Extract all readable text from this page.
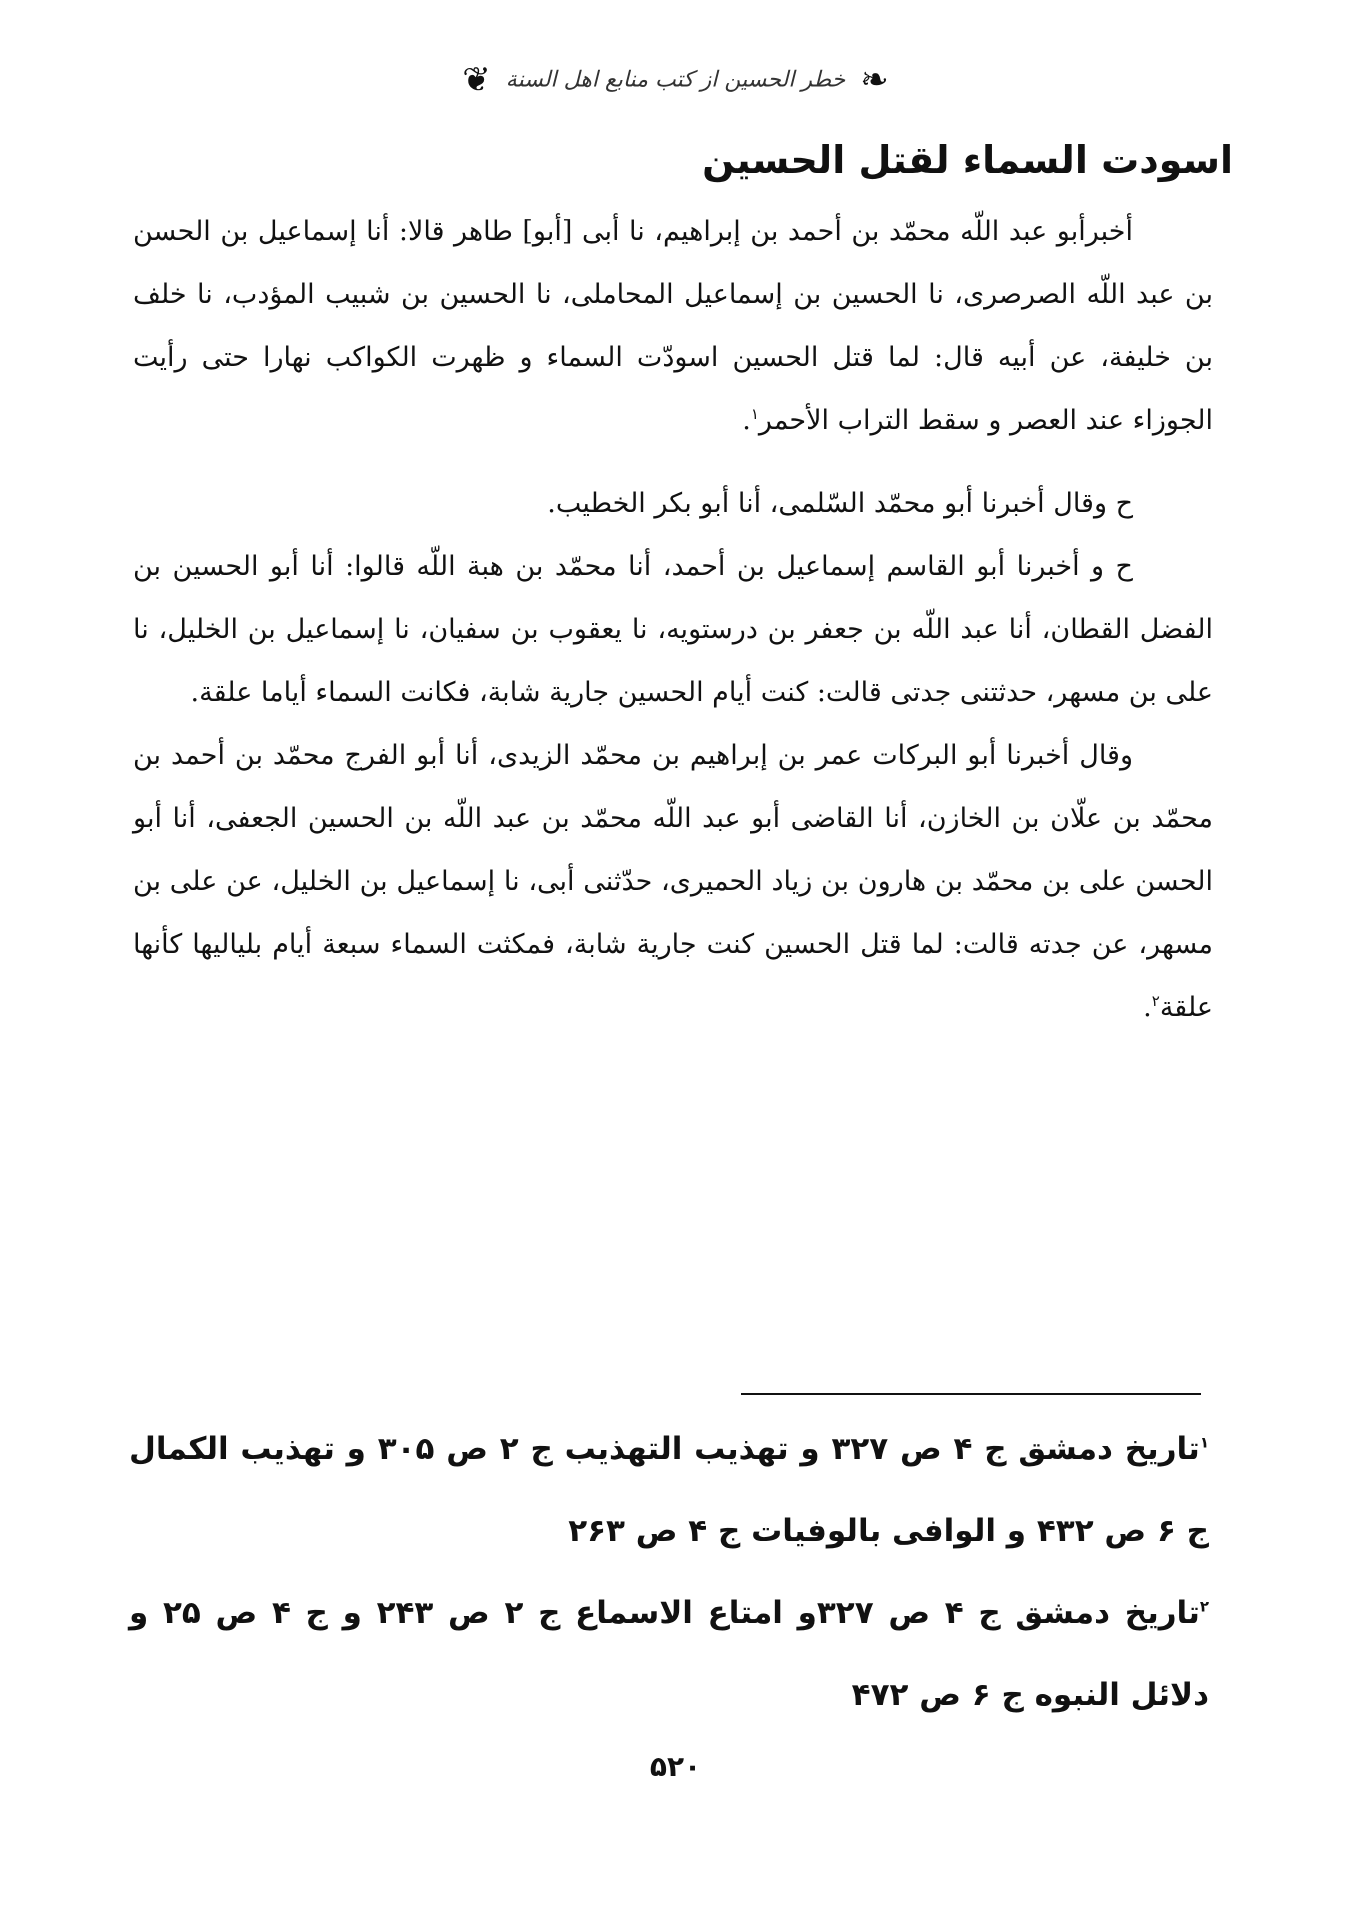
❧ خطر الحسين از كتب منابع اهل السنة ❦
اسودت السماء لقتل الحسين

أخبرأبو عبد اللّه محمّد بن أحمد بن إبراهيم، نا أبى [أبو] طاهر قالا: أنا إسماعيل بن الحسن بن عبد اللّه الصرصرى، نا الحسين بن إسماعيل المحاملى، نا الحسين بن شبيب المؤدب، نا خلف بن خليفة، عن أبيه قال: لما قتل الحسين اسودّت السماء و ظهرت الكواكب نهارا حتى رأيت الجوزاء عند العصر و سقط التراب الأحمر$^١$.

ح وقال أخبرنا أبو محمّد السّلمى، أنا أبو بكر الخطيب.

ح و أخبرنا أبو القاسم إسماعيل بن أحمد، أنا محمّد بن هبة اللّه قالوا: أنا أبو الحسين بن الفضل القطان، أنا عبد اللّه بن جعفر بن درستويه، نا يعقوب بن سفيان، نا إسماعيل بن الخليل، نا على بن مسهر، حدثتنى جدتى قالت: كنت أيام الحسين جارية شابة، فكانت السماء أياما علقة.

وقال أخبرنا أبو البركات عمر بن إبراهيم بن محمّد الزيدى، أنا أبو الفرج محمّد بن أحمد بن محمّد بن علّان بن الخازن، أنا القاضى أبو عبد اللّه محمّد بن عبد اللّه بن الحسين الجعفى، أنا أبو الحسن على بن محمّد بن هارون بن زياد الحميرى، حدّثنى أبى، نا إسماعيل بن الخليل، عن على بن مسهر، عن جدته قالت: لما قتل الحسين كنت جارية شابة، فمكثت السماء سبعة أيام بلياليها كأنها علقة$^٢$.

$^١$تاريخ دمشق ج ۴ ص ٣٢٧ و تهذيب التهذيب ج ٢ ص ٣٠۵ و تهذيب الكمال ج ۶ ص ۴٣٢ و الوافى بالوفيات ج ۴ ص ٢۶٣

$^٢$تاريخ دمشق ج ۴ ص ٣٢٧و امتاع الاسماع ج ٢ ص ٢۴٣ و ج ۴ ص ٢۵ و دلائل النبوه ج ۶ ص ۴٧٢

۵٢٠
